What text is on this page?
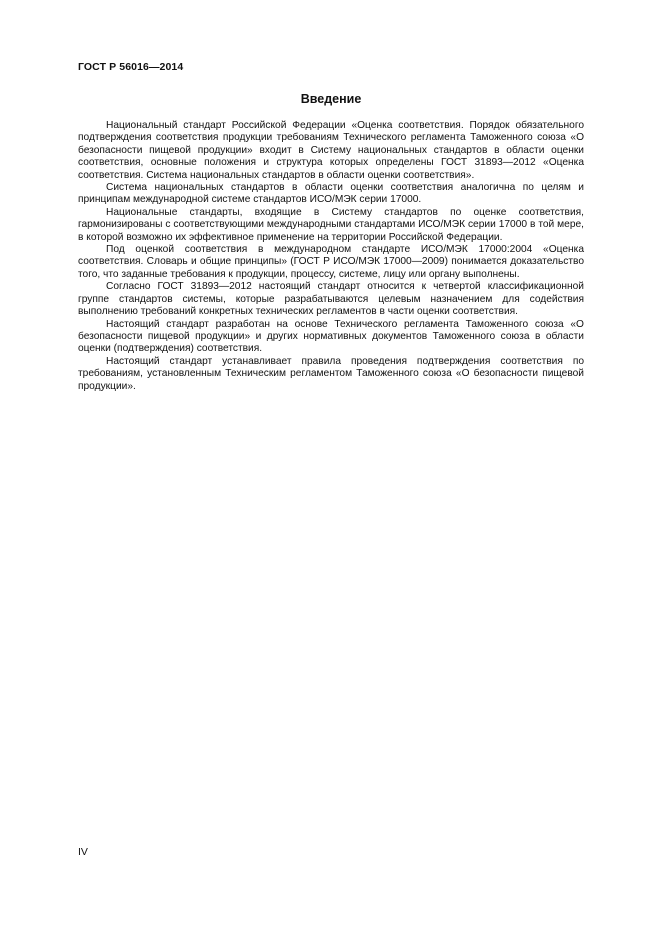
ГОСТ Р 56016—2014
Введение

Национальный стандарт Российской Федерации «Оценка соответствия. Порядок обязательного подтверждения соответствия продукции требованиям Технического регламента Таможенного союза «О безопасности пищевой продукции» входит в Систему национальных стандартов в области оценки соответствия, основные положения и структура которых определены ГОСТ 31893—2012 «Оценка соответствия. Система национальных стандартов в области оценки соответствия».

Система национальных стандартов в области оценки соответствия аналогична по целям и принципам международной системе стандартов ИСО/МЭК серии 17000.

Национальные стандарты, входящие в Систему стандартов по оценке соответствия, гармонизированы с соответствующими международными стандартами ИСО/МЭК серии 17000 в той мере, в которой возможно их эффективное применение на территории Российской Федерации.

Под оценкой соответствия в международном стандарте ИСО/МЭК 17000:2004 «Оценка соответствия. Словарь и общие принципы» (ГОСТ Р ИСО/МЭК 17000—2009) понимается доказательство того, что заданные требования к продукции, процессу, системе, лицу или органу выполнены.

Согласно ГОСТ 31893—2012 настоящий стандарт относится к четвертой классификационной группе стандартов системы, которые разрабатываются целевым назначением для содействия выполнению требований конкретных технических регламентов в части оценки соответствия.

Настоящий стандарт разработан на основе Технического регламента Таможенного союза «О безопасности пищевой продукции» и других нормативных документов Таможенного союза в области оценки (подтверждения) соответствия.

Настоящий стандарт устанавливает правила проведения подтверждения соответствия по требованиям, установленным Техническим регламентом Таможенного союза «О безопасности пищевой продукции».

IV
